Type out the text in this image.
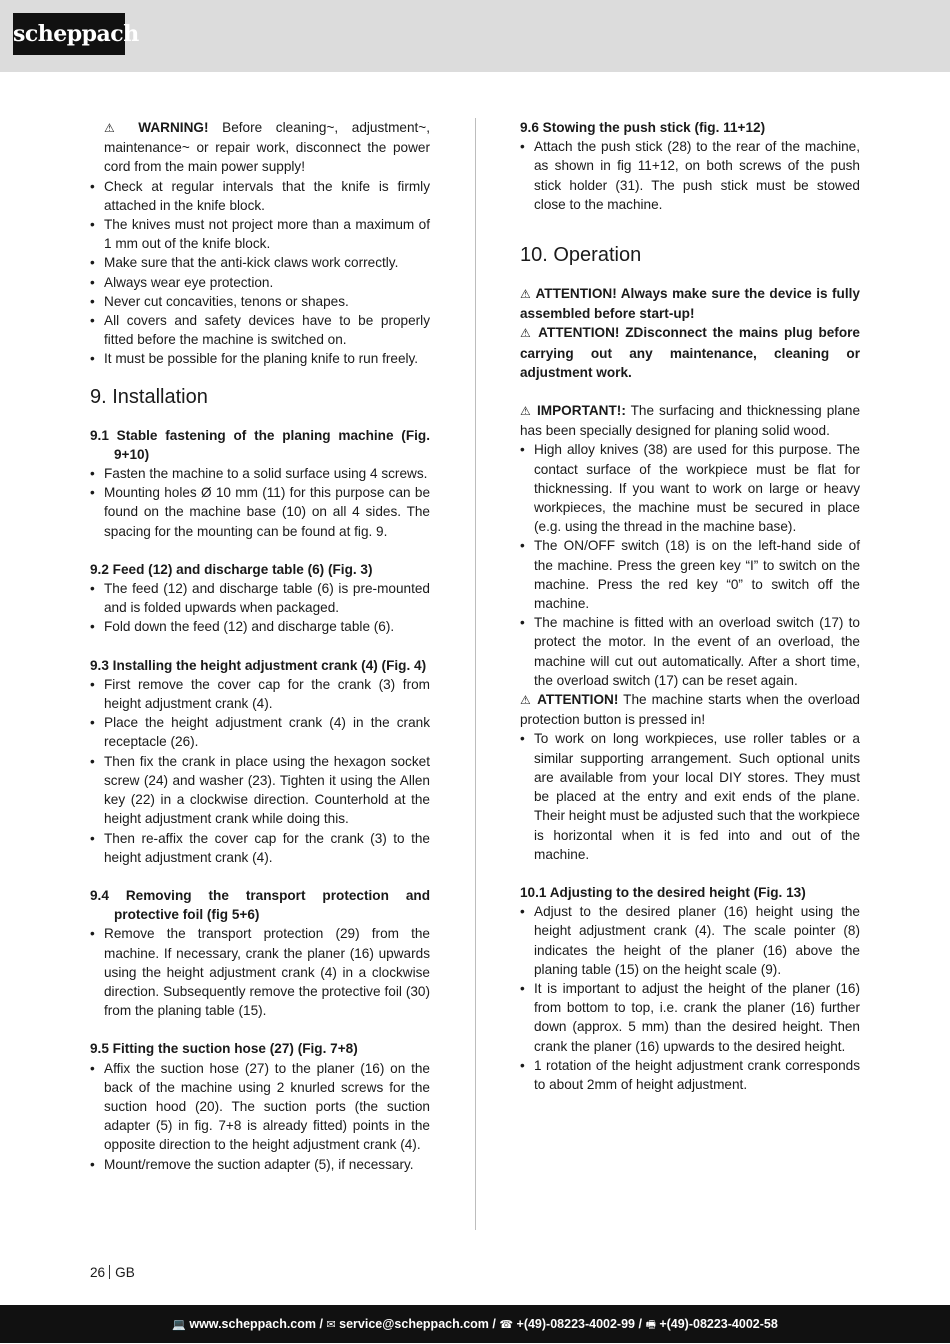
scheppach

⚠ WARNING! Before cleaning~, adjustment~, maintenance~ or repair work, disconnect the power cord from the main power supply!

• Check at regular intervals that the knife is firmly attached in the knife block.
• The knives must not project more than a maximum of 1 mm out of the knife block.
• Make sure that the anti-kick claws work correctly.
• Always wear eye protection.
• Never cut concavities, tenons or shapes.
• All covers and safety devices have to be properly fitted before the machine is switched on.
• It must be possible for the planing knife to run freely.
9. Installation

9.1 Stable fastening of the planing machine (Fig. 9+10)

• Fasten the machine to a solid surface using 4 screws.
• Mounting holes Ø 10 mm (11) for this purpose can be found on the machine base (10) on all 4 sides. The spacing for the mounting can be found at fig. 9.

9.2 Feed (12) and discharge table (6) (Fig. 3)

• The feed (12) and discharge table (6) is pre-mounted and is folded upwards when packaged.
• Fold down the feed (12) and discharge table (6).

9.3 Installing the height adjustment crank (4) (Fig. 4)

• First remove the cover cap for the crank (3) from height adjustment crank (4).
• Place the height adjustment crank (4) in the crank receptacle (26).
• Then fix the crank in place using the hexagon socket screw (24) and washer (23). Tighten it using the Allen key (22) in a clockwise direction. Counterhold at the height adjustment crank while doing this.
• Then re-affix the cover cap for the crank (3) to the height adjustment crank (4).

9.4 Removing the transport protection and protective foil (fig 5+6)

• Remove the transport protection (29) from the machine. If necessary, crank the planer (16) upwards using the height adjustment crank (4) in a clockwise direction. Subsequently remove the protective foil (30) from the planing table (15).

9.5 Fitting the suction hose (27) (Fig. 7+8)

• Affix the suction hose (27) to the planer (16) on the back of the machine using 2 knurled screws for the suction hood (20). The suction ports (the suction adapter (5) in fig. 7+8 is already fitted) points in the opposite direction to the height adjustment crank (4).
• Mount/remove the suction adapter (5), if necessary.

9.6 Stowing the push stick (fig. 11+12)

• Attach the push stick (28) to the rear of the machine, as shown in fig 11+12, on both screws of the push stick holder (31). The push stick must be stowed close to the machine.
10. Operation

⚠ ATTENTION! Always make sure the device is fully assembled before start-up!

⚠ ATTENTION! ZDisconnect the mains plug before carrying out any maintenance, cleaning or adjustment work.

⚠ IMPORTANT!: The surfacing and thicknessing plane has been specially designed for planing solid wood.

• High alloy knives (38) are used for this purpose. The contact surface of the workpiece must be flat for thicknessing. If you want to work on large or heavy workpieces, the machine must be secured in place (e.g. using the thread in the machine base).
• The ON/OFF switch (18) is on the left-hand side of the machine. Press the green key “I” to switch on the machine. Press the red key “0” to switch off the machine.
• The machine is fitted with an overload switch (17) to protect the motor. In the event of an overload, the machine will cut out automatically. After a short time, the overload switch (17) can be reset again.

⚠ ATTENTION! The machine starts when the overload protection button is pressed in!

• To work on long workpieces, use roller tables or a similar supporting arrangement. Such optional units are available from your local DIY stores. They must be placed at the entry and exit ends of the plane. Their height must be adjusted such that the workpiece is horizontal when it is fed into and out of the machine.

10.1 Adjusting to the desired height (Fig. 13)

• Adjust to the desired planer (16) height using the height adjustment crank (4). The scale pointer (8) indicates the height of the planer (16) above the planing table (15) on the height scale (9).
• It is important to adjust the height of the planer (16) from bottom to top, i.e. crank the planer (16) further down (approx. 5 mm) than the desired height. Then crank the planer (16) upwards to the desired height.
• 1 rotation of the height adjustment crank corresponds to about 2mm of height adjustment.
26 GB
💻 www.scheppach.com / ✉ service@scheppach.com / ☎ +(49)-08223-4002-99 / 🖷 +(49)-08223-4002-58
